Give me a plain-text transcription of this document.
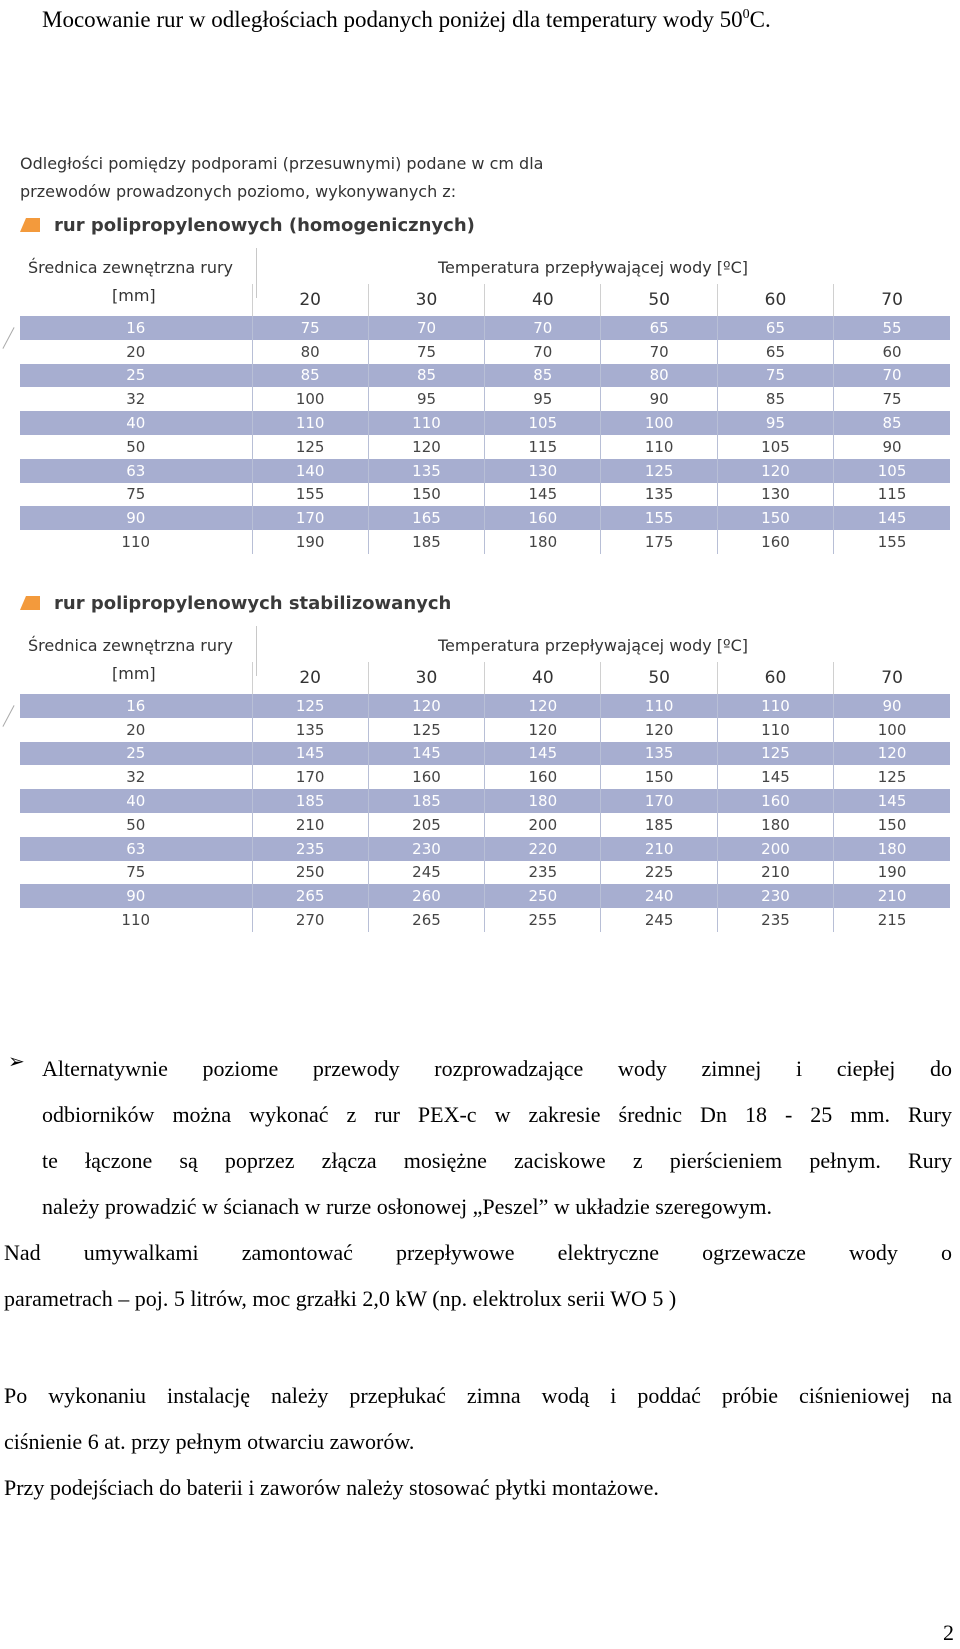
Mocowanie rur w odległościach podanych poniżej dla temperatury wody $50^0C$.
Odległości pomiędzy podporami (przesuwnymi) podane w cm dla
przewodów prowadzonych poziomo, wykonywanych z:
rur polipropylenowych (homogenicznych)
Średnica zewnętrzna rury
[mm]
Temperatura przepływającej wody [ºC]
	20	30	40	50	60	70
16	75	70	70	65	65	55
20	80	75	70	70	65	60
25	85	85	85	80	75	70
32	100	95	95	90	85	75
40	110	110	105	100	95	85
50	125	120	115	110	105	90
63	140	135	130	125	120	105
75	155	150	145	135	130	115
90	170	165	160	155	150	145
110	190	185	180	175	160	155
rur polipropylenowych stabilizowanych
Średnica zewnętrzna rury
[mm]
Temperatura przepływającej wody [ºC]
	20	30	40	50	60	70
16	125	120	120	110	110	90
20	135	125	120	120	110	100
25	145	145	145	135	125	120
32	170	160	160	150	145	125
40	185	185	180	170	160	145
50	210	205	200	185	180	150
63	235	230	220	210	200	180
75	250	245	235	225	210	190
90	265	260	250	240	230	210
110	270	265	255	245	235	215
➢ Alternatywnie poziome przewody rozprowadzające wody zimnej i ciepłej do
odbiorników można wykonać z rur PEX-c w zakresie średnic Dn 18 - 25 mm. Rury
te łączone są poprzez złącza mosiężne zaciskowe z pierścieniem pełnym. Rury
należy prowadzić w ścianach w rurze osłonowej „Peszel” w układzie szeregowym.
Nad umywalkami zamontować przepływowe elektryczne ogrzewacze wody o
parametrach – poj. 5 litrów, moc grzałki 2,0 kW (np. elektrolux serii WO 5 )
Po wykonaniu instalację należy przepłukać zimna wodą i poddać próbie ciśnieniowej na
ciśnienie 6 at. przy pełnym otwarciu zaworów.
Przy podejściach do baterii i zaworów należy stosować płytki montażowe.
2
